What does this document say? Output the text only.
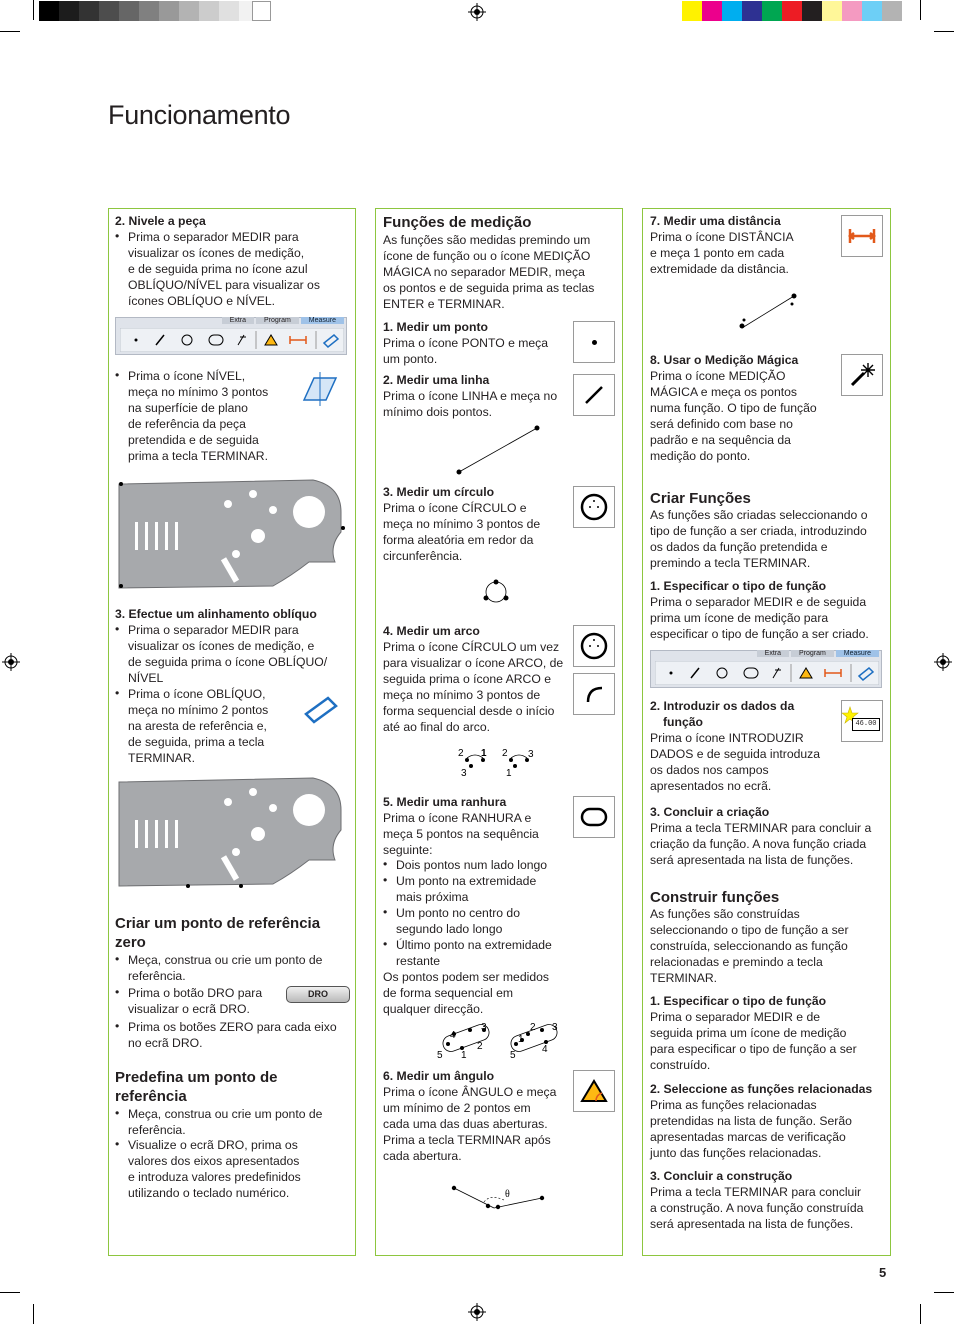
Funcionamento
2. Nivele a peça
• Prima o separador MEDIR para
visualizar os ícones de medição,
e de seguida prima no ícone azul
OBLÍQUO/NÍVEL para visualizar os
ícones OBLÍQUO e NÍVEL.
Extra	Program	Measure
• Prima o ícone NÍVEL,
meça no mínimo 3 pontos
na superfície de plano
de referência da peça
pretendida e de seguida
prima a tecla TERMINAR.
3. Efectue um alinhamento oblíquo
• Prima o separador MEDIR para
visualizar os ícones de medição, e
de seguida prima o ícone OBLÍQUO/
NÍVEL
• Prima o ícone OBLÍQUO,
meça no mínimo 2 pontos
na aresta de referência e,
de seguida, prima a tecla
TERMINAR.
Criar um ponto de referência
zero
• Meça, construa ou crie um ponto de
referência.
• Prima o botão DRO para
visualizar o ecrã DRO.
DRO
• Prima os botões ZERO para cada eixo
no ecrã DRO.
Predefina um ponto de
referência
• Meça, construa ou crie um ponto de
referência.
• Visualize o ecrã DRO, prima os
valores dos eixos apresentados
e introduza valores predefinidos
utilizando o teclado numérico.
Funções de medição
As funções são medidas premindo um
ícone de função ou o ícone MEDIÇÃO
MÁGICA no separador MEDIR, meça
os pontos e de seguida prima as teclas
ENTER e TERMINAR.
1. Medir um ponto
Prima o ícone PONTO e meça
um ponto.
2. Medir uma linha
Prima o ícone LINHA e meça no
mínimo dois pontos.
3. Medir um círculo
Prima o ícone CÍRCULO e
meça no mínimo 3 pontos de
forma aleatória em redor da
circunferência.
4. Medir um arco
Prima o ícone CÍRCULO um vez
para visualizar o ícone ARCO, de
seguida prima o ícone ARCO e
meça no mínimo 3 pontos de
forma sequencial desde o início
até ao final do arco.
2 1
3
2 3
1
5. Medir uma ranhura
Prima o ícone RANHURA e
meça 5 pontos na sequência
seguinte:
• Dois pontos num lado longo
• Um ponto na extremidade
mais próxima
• Um ponto no centro do
segundo lado longo
• Último ponto na extremidade
restante
Os pontos podem ser medidos
de forma sequencial em
qualquer direcção.
4
3
2
5 1
1
2 3
5
4
6. Medir um ângulo
Prima o ícone ÂNGULO e meça
um mínimo de 2 pontos em
cada uma das duas aberturas.
Prima a tecla TERMINAR após
cada abertura.
θ
7. Medir uma distância
Prima o ícone DISTÂNCIA
e meça 1 ponto em cada
extremidade da distância.
8. Usar o Medição Mágica
Prima o ícone MEDIÇÃO
MÁGICA e meça os pontos
numa função. O tipo de função
será definido com base no
padrão e na sequência da
medição do ponto.
Criar Funções
As funções são criadas seleccionando o
tipo de função a ser criada, introduzindo
os dados da função pretendida e
premindo a tecla TERMINAR.
1. Especificar o tipo de função
Prima o separador MEDIR e de seguida
prima um ícone de medição para
especificar o tipo de função a ser criado.
Extra	Program	Measure
2. Introduzir os dados da
função
Prima o ícone INTRODUZIR
DADOS e de seguida introduza
os dados nos campos
apresentados no ecrã.
46.00
3. Concluir a criação
Prima a tecla TERMINAR para concluir a
criação da função. A nova função criada
será apresentada na lista de funções.
Construir funções
As funções são construídas
seleccionando o tipo de função a ser
construída, seleccionando as função
relacionadas e premindo a tecla
TERMINAR.
1. Especificar o tipo de função
Prima o separador MEDIR e de
seguida prima um ícone de medição
para especificar o tipo de função a ser
construído.
2. Seleccione as funções relacionadas
Prima as funções relacionadas
pretendidas na lista de função. Serão
apresentadas marcas de verificação
junto das funções relacionadas.
3. Concluir a construção
Prima a tecla TERMINAR para concluir
a construção. A nova função construída
será apresentada na lista de funções.
5
